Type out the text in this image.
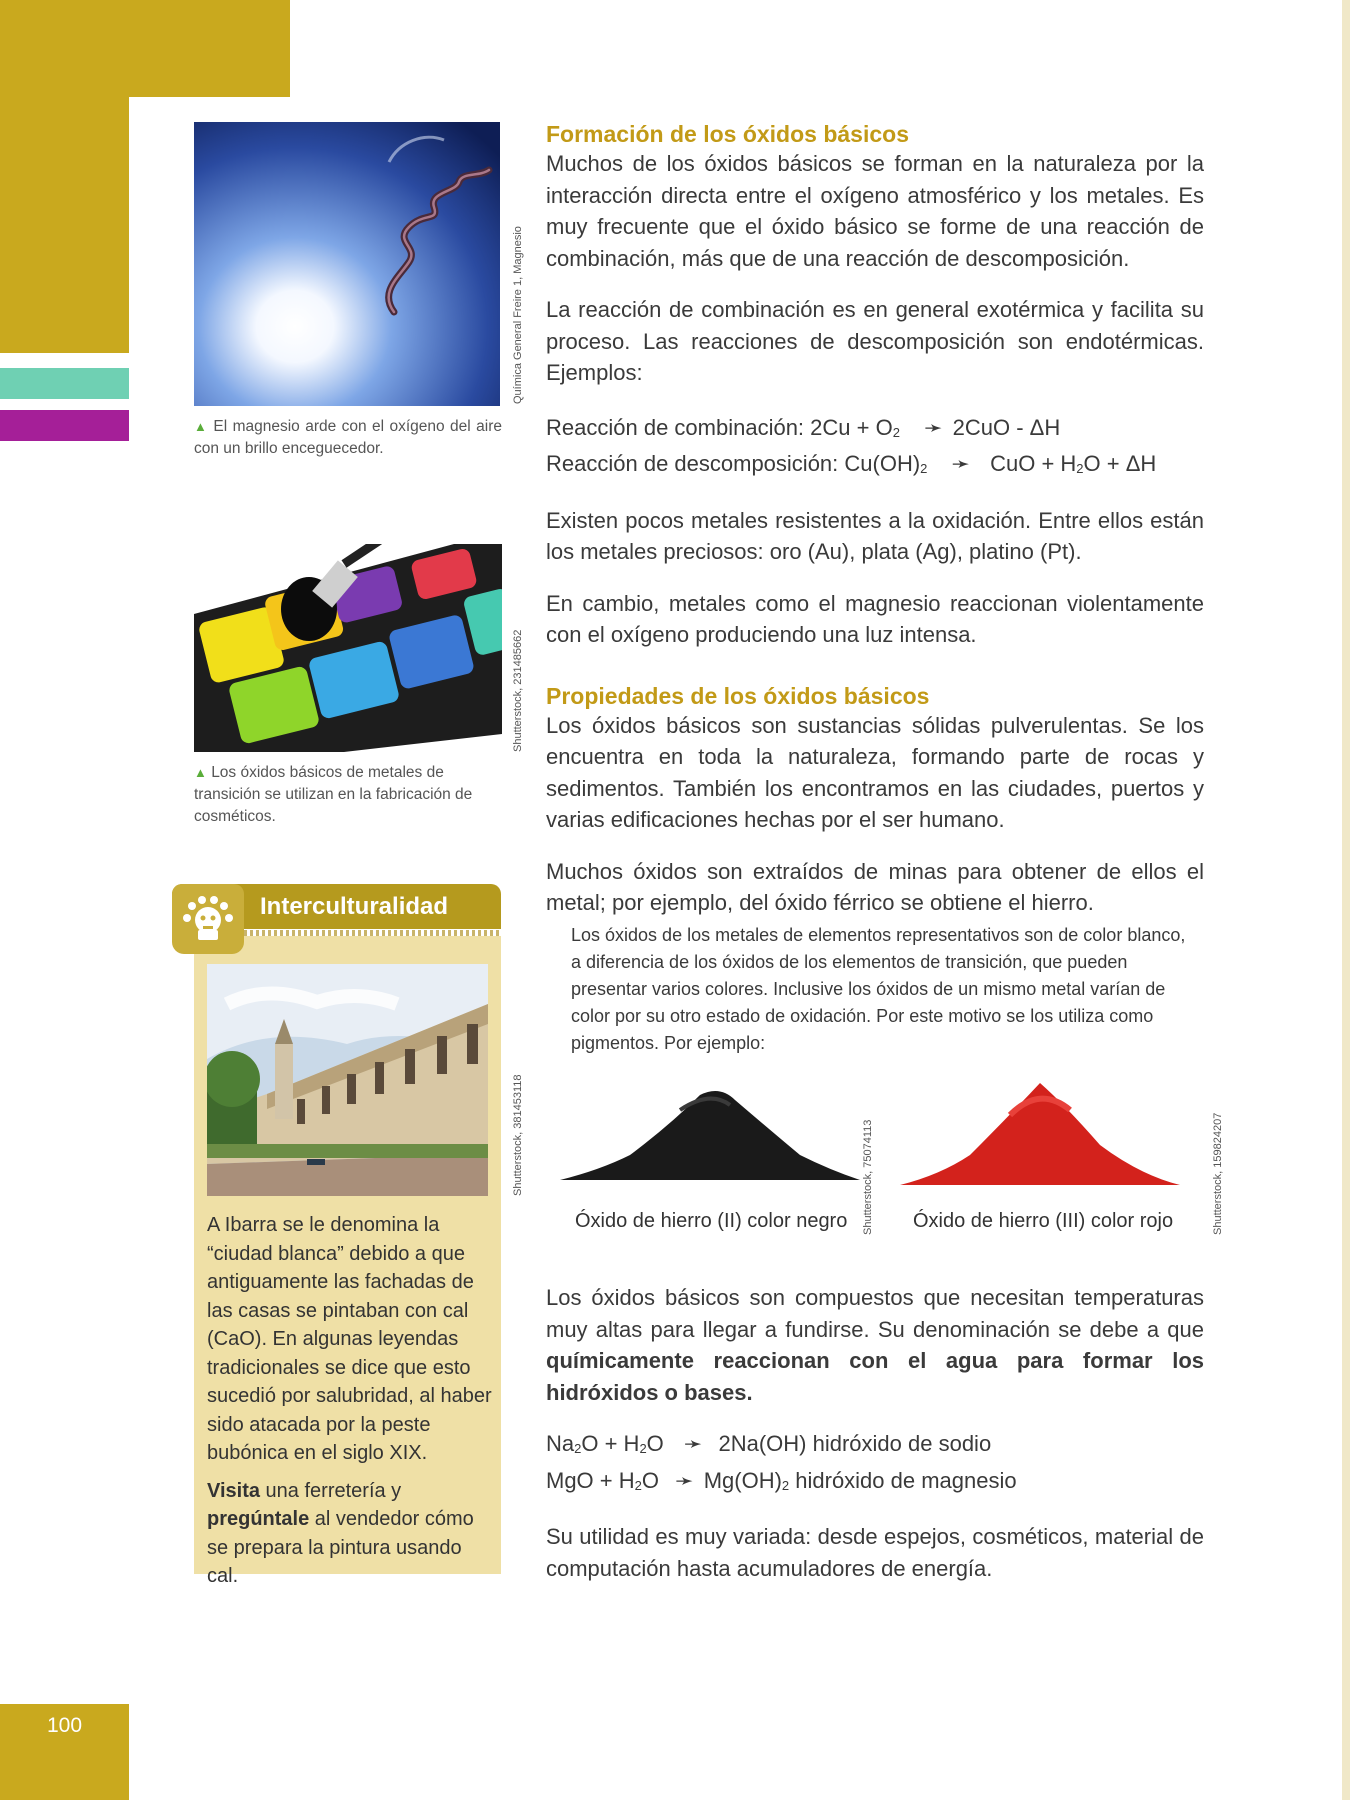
100
Química General Freire 1, Magnesio
▲ El magnesio arde con el oxígeno del aire con un brillo enceguecedor.
Shutterstock, 231485662
▲ Los óxidos básicos de metales de transición se utilizan en la fabricación de cosméticos.
Interculturalidad
Shutterstock, 381453118
A Ibarra se le denomina la “ciudad blanca” debido a que antiguamente las fachadas de las casas se pintaban con cal (CaO). En algunas leyendas tradicionales se dice que esto sucedió por salubridad, al haber sido atacada por la peste bubónica en el siglo XIX.
Visita una ferretería y pregúntale al vendedor cómo se prepara la pintura usando cal.
Formación de los óxidos básicos
Muchos de los óxidos básicos se forman en la naturaleza por la interacción directa entre el oxígeno atmosférico y los metales. Es muy frecuente que el óxido básico se forme de una reacción de combinación, más que de una reacción de descomposición.
La reacción de combinación es en general exotérmica y facilita su proceso. Las reacciones de descomposición son endotérmicas. Ejemplos:
Reacción de combinación: $2Cu + O_2$ ➛ 2CuO - ΔH
Reacción de descomposición: $Cu(OH)_2$ ➛ CuO + $H_2O + \Delta H$
Existen pocos metales resistentes a la oxidación. Entre ellos están los metales preciosos: oro (Au), plata (Ag), platino (Pt).
En cambio, metales como el magnesio reaccionan violentamente con el oxígeno produciendo una luz intensa.
Propiedades de los óxidos básicos
Los óxidos básicos son sustancias sólidas pulverulentas. Se los encuentra en toda la naturaleza, formando parte de rocas y sedimentos. También los encontramos en las ciudades, puertos y varias edificaciones hechas por el ser humano.
Muchos óxidos son extraídos de minas para obtener de ellos el metal; por ejemplo, del óxido férrico se obtiene el hierro.
Los óxidos de los metales de elementos representativos son de color blanco, a diferencia de los óxidos de los elementos de transición, que pueden presentar varios colores. Inclusive los óxidos de un mismo metal varían de color por su otro estado de oxidación. Por este motivo se los utiliza como pigmentos. Por ejemplo:
Shutterstock, 75074113
Óxido de hierro (II) color negro	Shutterstock, 159824207
Óxido de hierro (III) color rojo
Los óxidos básicos son compuestos que necesitan temperaturas muy altas para llegar a fundirse. Su denominación se debe a que químicamente reaccionan con el agua para formar los hidróxidos o bases.
$Na_2O + H_2O$ ➛ 2Na(OH) hidróxido de sodio
MgO + $H_2O$ ➛ $Mg(OH)_2$ hidróxido de magnesio
Su utilidad es muy variada: desde espejos, cosméticos, material de computación hasta acumuladores de energía.
